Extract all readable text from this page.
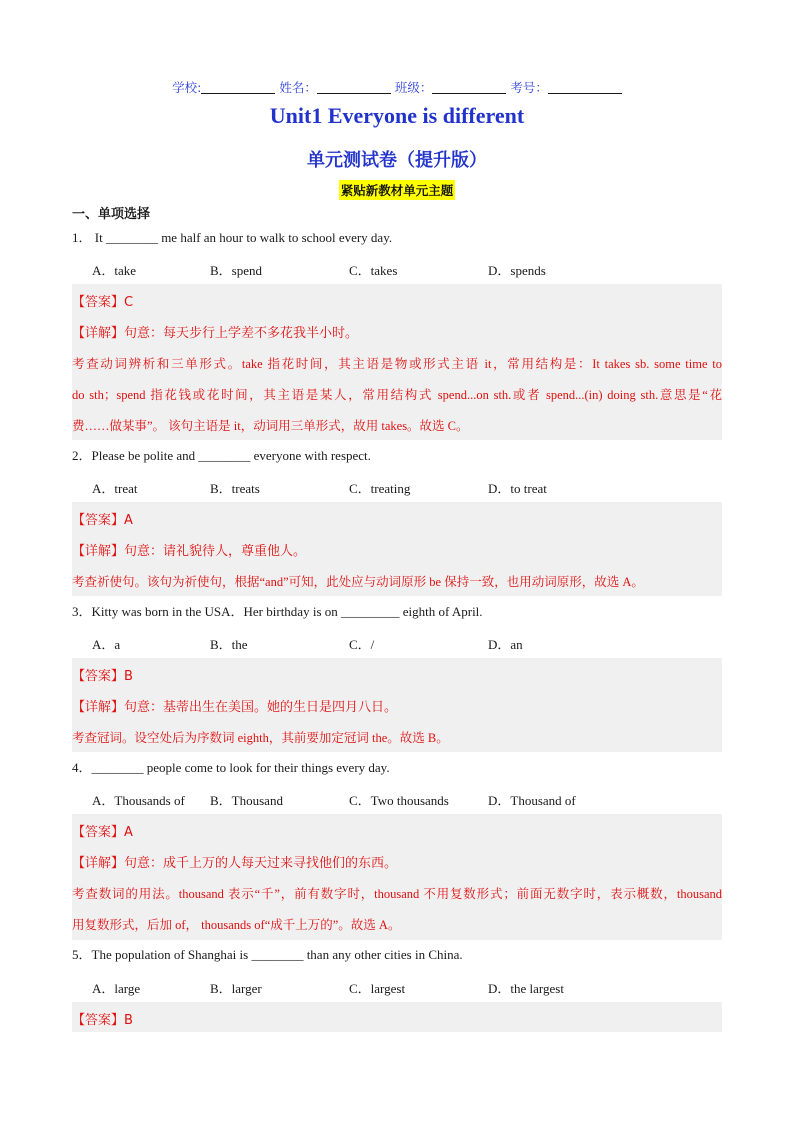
学校:	姓名：	班级：	考号：
Unit1 Everyone is different
单元测试卷（提升版）
紧贴新教材单元主题
一、单项选择
1． It ________ me half an hour to walk to school every day.
A．take	B．spend	C．takes	D．spends
【答案】C
【详解】句意：每天步行上学差不多花我半小时。
考查动词辨析和三单形式。take 指花时间，其主语是物或形式主语 it，常用结构是：It takes sb. some time to
do sth；spend 指花钱或花时间，其主语是某人，常用结构式 spend...on sth.或者 spend...(in) doing sth.意思是“花
费……做某事”。 该句主语是 it，动词用三单形式，故用 takes。故选 C。
2．Please be polite and ________ everyone with respect.
A．treat	B．treats	C．treating	D．to treat
【答案】A
【详解】句意：请礼貌待人，尊重他人。
考查祈使句。该句为祈使句，根据“and”可知，此处应与动词原形 be 保持一致，也用动词原形，故选 A。
3．Kitty was born in the USA．Her birthday is on _________ eighth of April.
A．a	B．the	C．/	D．an
【答案】B
【详解】句意：基蒂出生在美国。她的生日是四月八日。
考查冠词。设空处后为序数词 eighth，其前要加定冠词 the。故选 B。
4．________ people come to look for their things every day.
A．Thousands of B．Thousand	C．Two thousands	D．Thousand of
【答案】A
【详解】句意：成千上万的人每天过来寻找他们的东西。
考查数词的用法。thousand 表示“千”，前有数字时，thousand 不用复数形式；前面无数字时，表示概数，thousand
用复数形式，后加 of， thousands of“成千上万的”。故选 A。
5．The population of Shanghai is ________ than any other cities in China.
A．large	B．larger	C．largest	D．the largest
【答案】B
